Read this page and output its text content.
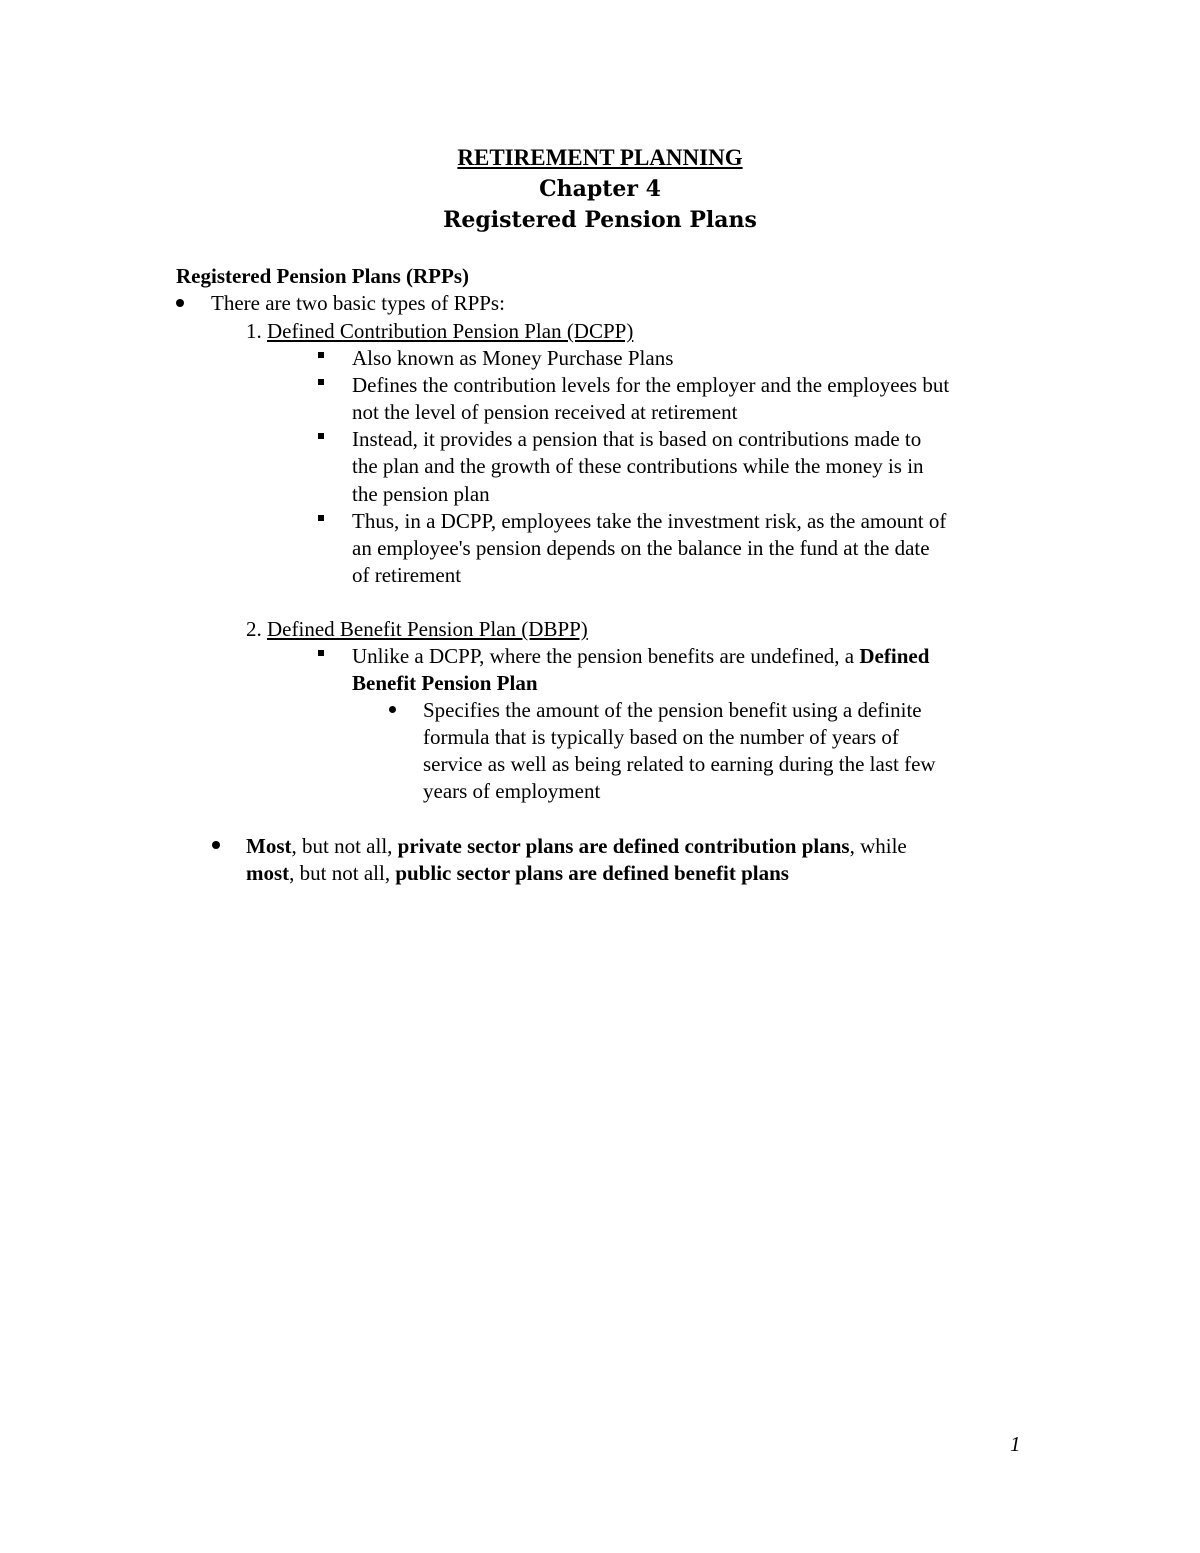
RETIREMENT PLANNING
Chapter 4
Registered Pension Plans
Registered Pension Plans (RPPs)
There are two basic types of RPPs:
1. Defined Contribution Pension Plan (DCPP)
Also known as Money Purchase Plans
Defines the contribution levels for the employer and the employees but
not the level of pension received at retirement
Instead, it provides a pension that is based on contributions made to
the plan and the growth of these contributions while the money is in
the pension plan
Thus, in a DCPP, employees take the investment risk, as the amount of
an employee's pension depends on the balance in the fund at the date
of retirement
2. Defined Benefit Pension Plan (DBPP)
Unlike a DCPP, where the pension benefits are undefined, a Defined
Benefit Pension Plan
Specifies the amount of the pension benefit using a definite
formula that is typically based on the number of years of
service as well as being related to earning during the last few
years of employment
Most, but not all, private sector plans are defined contribution plans, while
most, but not all, public sector plans are defined benefit plans
1
